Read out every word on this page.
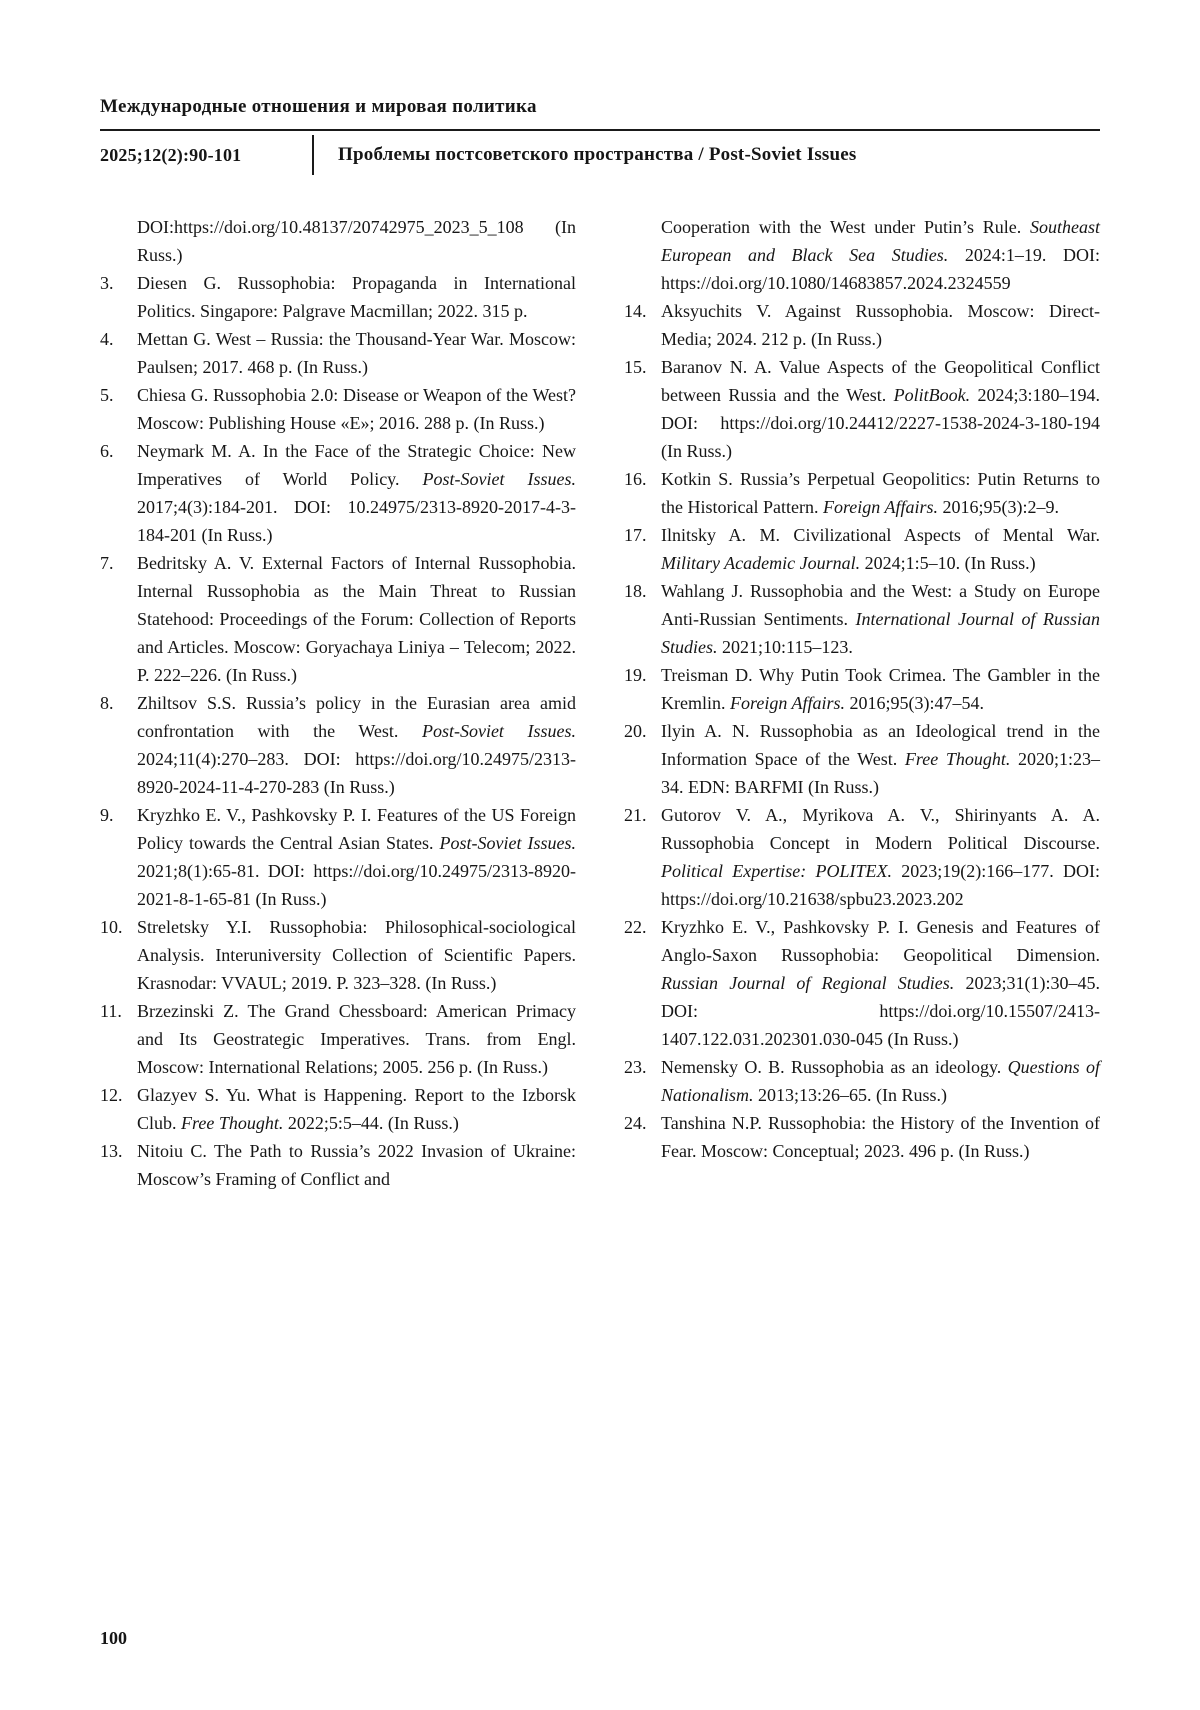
Международные отношения и мировая политика
2025;12(2):90-101	Проблемы постсоветского пространства / Post-Soviet Issues
DOI:https://doi.org/10.48137/20742975_2023_5_108 (In Russ.)
3.	Diesen G. Russophobia: Propaganda in International Politics. Singapore: Palgrave Macmillan; 2022. 315 p.
4.	Mettan G. West – Russia: the Thousand-Year War. Moscow: Paulsen; 2017. 468 p. (In Russ.)
5.	Chiesa G. Russophobia 2.0: Disease or Weapon of the West? Moscow: Publishing House «Е»; 2016. 288 p. (In Russ.)
6.	Neymark M. A. In the Face of the Strategic Choice: New Imperatives of World Policy. Post-Soviet Issues. 2017;4(3):184-201. DOI: 10.24975/2313-8920-2017-4-3-184-201 (In Russ.)
7.	Bedritsky A. V. External Factors of Internal Russophobia. Internal Russophobia as the Main Threat to Russian Statehood: Proceedings of the Forum: Collection of Reports and Articles. Moscow: Goryachaya Liniya – Telecom; 2022. P. 222–226. (In Russ.)
8.	Zhiltsov S.S. Russia’s policy in the Eurasian area amid confrontation with the West. Post-Soviet Issues. 2024;11(4):270–283. DOI: https://doi.org/10.24975/2313-8920-2024-11-4-270-283 (In Russ.)
9.	Kryzhko E. V., Pashkovsky P. I. Features of the US Foreign Policy towards the Central Asian States. Post-Soviet Issues. 2021;8(1):65-81. DOI: https://doi.org/10.24975/2313-8920-2021-8-1-65-81 (In Russ.)
10. Streletsky Y.I. Russophobia: Philosophical-sociological Analysis. Interuniversity Collection of Scientific Papers. Krasnodar: VVAUL; 2019. P. 323–328. (In Russ.)
11. Brzezinski Z. The Grand Chessboard: American Primacy and Its Geostrategic Imperatives. Trans. from Engl. Moscow: International Relations; 2005. 256 p. (In Russ.)
12. Glazyev S. Yu. What is Happening. Report to the Izborsk Club. Free Thought. 2022;5:5–44. (In Russ.)
13. Nitoiu C. The Path to Russia’s 2022 Invasion of Ukraine: Moscow’s Framing of Conflict and
Cooperation with the West under Putin’s Rule. Southeast European and Black Sea Studies. 2024:1–19. DOI: https://doi.org/10.1080/14683857.2024.2324559
14. Aksyuchits V. Against Russophobia. Moscow: Direct-Media; 2024. 212 p. (In Russ.)
15. Baranov N. A. Value Aspects of the Geopolitical Conflict between Russia and the West. PolitBook. 2024;3:180–194. DOI: https://doi.org/10.24412/2227-1538-2024-3-180-194 (In Russ.)
16. Kotkin S. Russia’s Perpetual Geopolitics: Putin Returns to the Historical Pattern. Foreign Affairs. 2016;95(3):2–9.
17. Ilnitsky A. M. Civilizational Aspects of Mental War. Military Academic Journal. 2024;1:5–10. (In Russ.)
18. Wahlang J. Russophobia and the West: a Study on Europe Anti-Russian Sentiments. International Journal of Russian Studies. 2021;10:115–123.
19. Treisman D. Why Putin Took Crimea. The Gambler in the Kremlin. Foreign Affairs. 2016;95(3):47–54.
20. Ilyin A. N. Russophobia as an Ideological trend in the Information Space of the West. Free Thought. 2020;1:23–34. EDN: BARFMI (In Russ.)
21. Gutorov V. A., Myrikova A. V., Shirinyants A. A. Russophobia Concept in Modern Political Discourse. Political Expertise: POLITEX. 2023;19(2):166–177. DOI: https://doi.org/10.21638/spbu23.2023.202
22. Kryzhko E. V., Pashkovsky P. I. Genesis and Features of Anglo-Saxon Russophobia: Geopolitical Dimension. Russian Journal of Regional Studies. 2023;31(1):30–45. DOI: https://doi.org/10.15507/2413-1407.122.031.202301.030-045 (In Russ.)
23. Nemensky O. B. Russophobia as an ideology. Questions of Nationalism. 2013;13:26–65. (In Russ.)
24. Tanshina N.P. Russophobia: the History of the Invention of Fear. Moscow: Conceptual; 2023. 496 p. (In Russ.)
100
